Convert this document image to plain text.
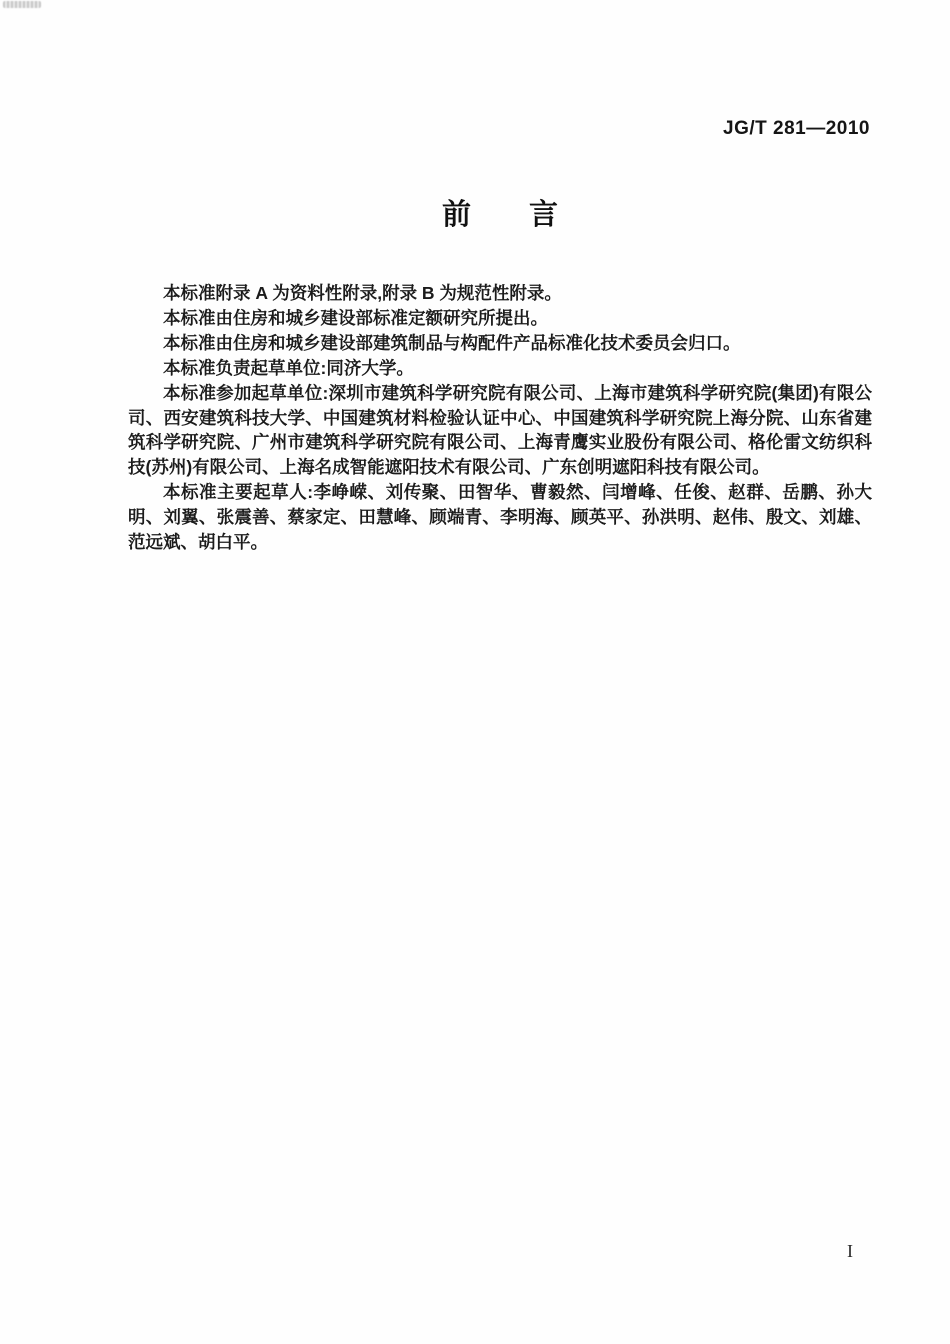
JG/T 281—2010
前　　言

本标准附录 A 为资料性附录,附录 B 为规范性附录。

本标准由住房和城乡建设部标准定额研究所提出。

本标准由住房和城乡建设部建筑制品与构配件产品标准化技术委员会归口。

本标准负责起草单位:同济大学。

本标准参加起草单位:深圳市建筑科学研究院有限公司、上海市建筑科学研究院(集团)有限公司、西安建筑科技大学、中国建筑材料检验认证中心、中国建筑科学研究院上海分院、山东省建筑科学研究院、广州市建筑科学研究院有限公司、上海青鹰实业股份有限公司、格伦雷文纺织科技(苏州)有限公司、上海名成智能遮阳技术有限公司、广东创明遮阳科技有限公司。

本标准主要起草人:李峥嵘、刘传聚、田智华、曹毅然、闫增峰、任俊、赵群、岳鹏、孙大明、刘翼、张震善、蔡家定、田慧峰、顾端青、李明海、顾英平、孙洪明、赵伟、殷文、刘雄、范远斌、胡白平。

I
